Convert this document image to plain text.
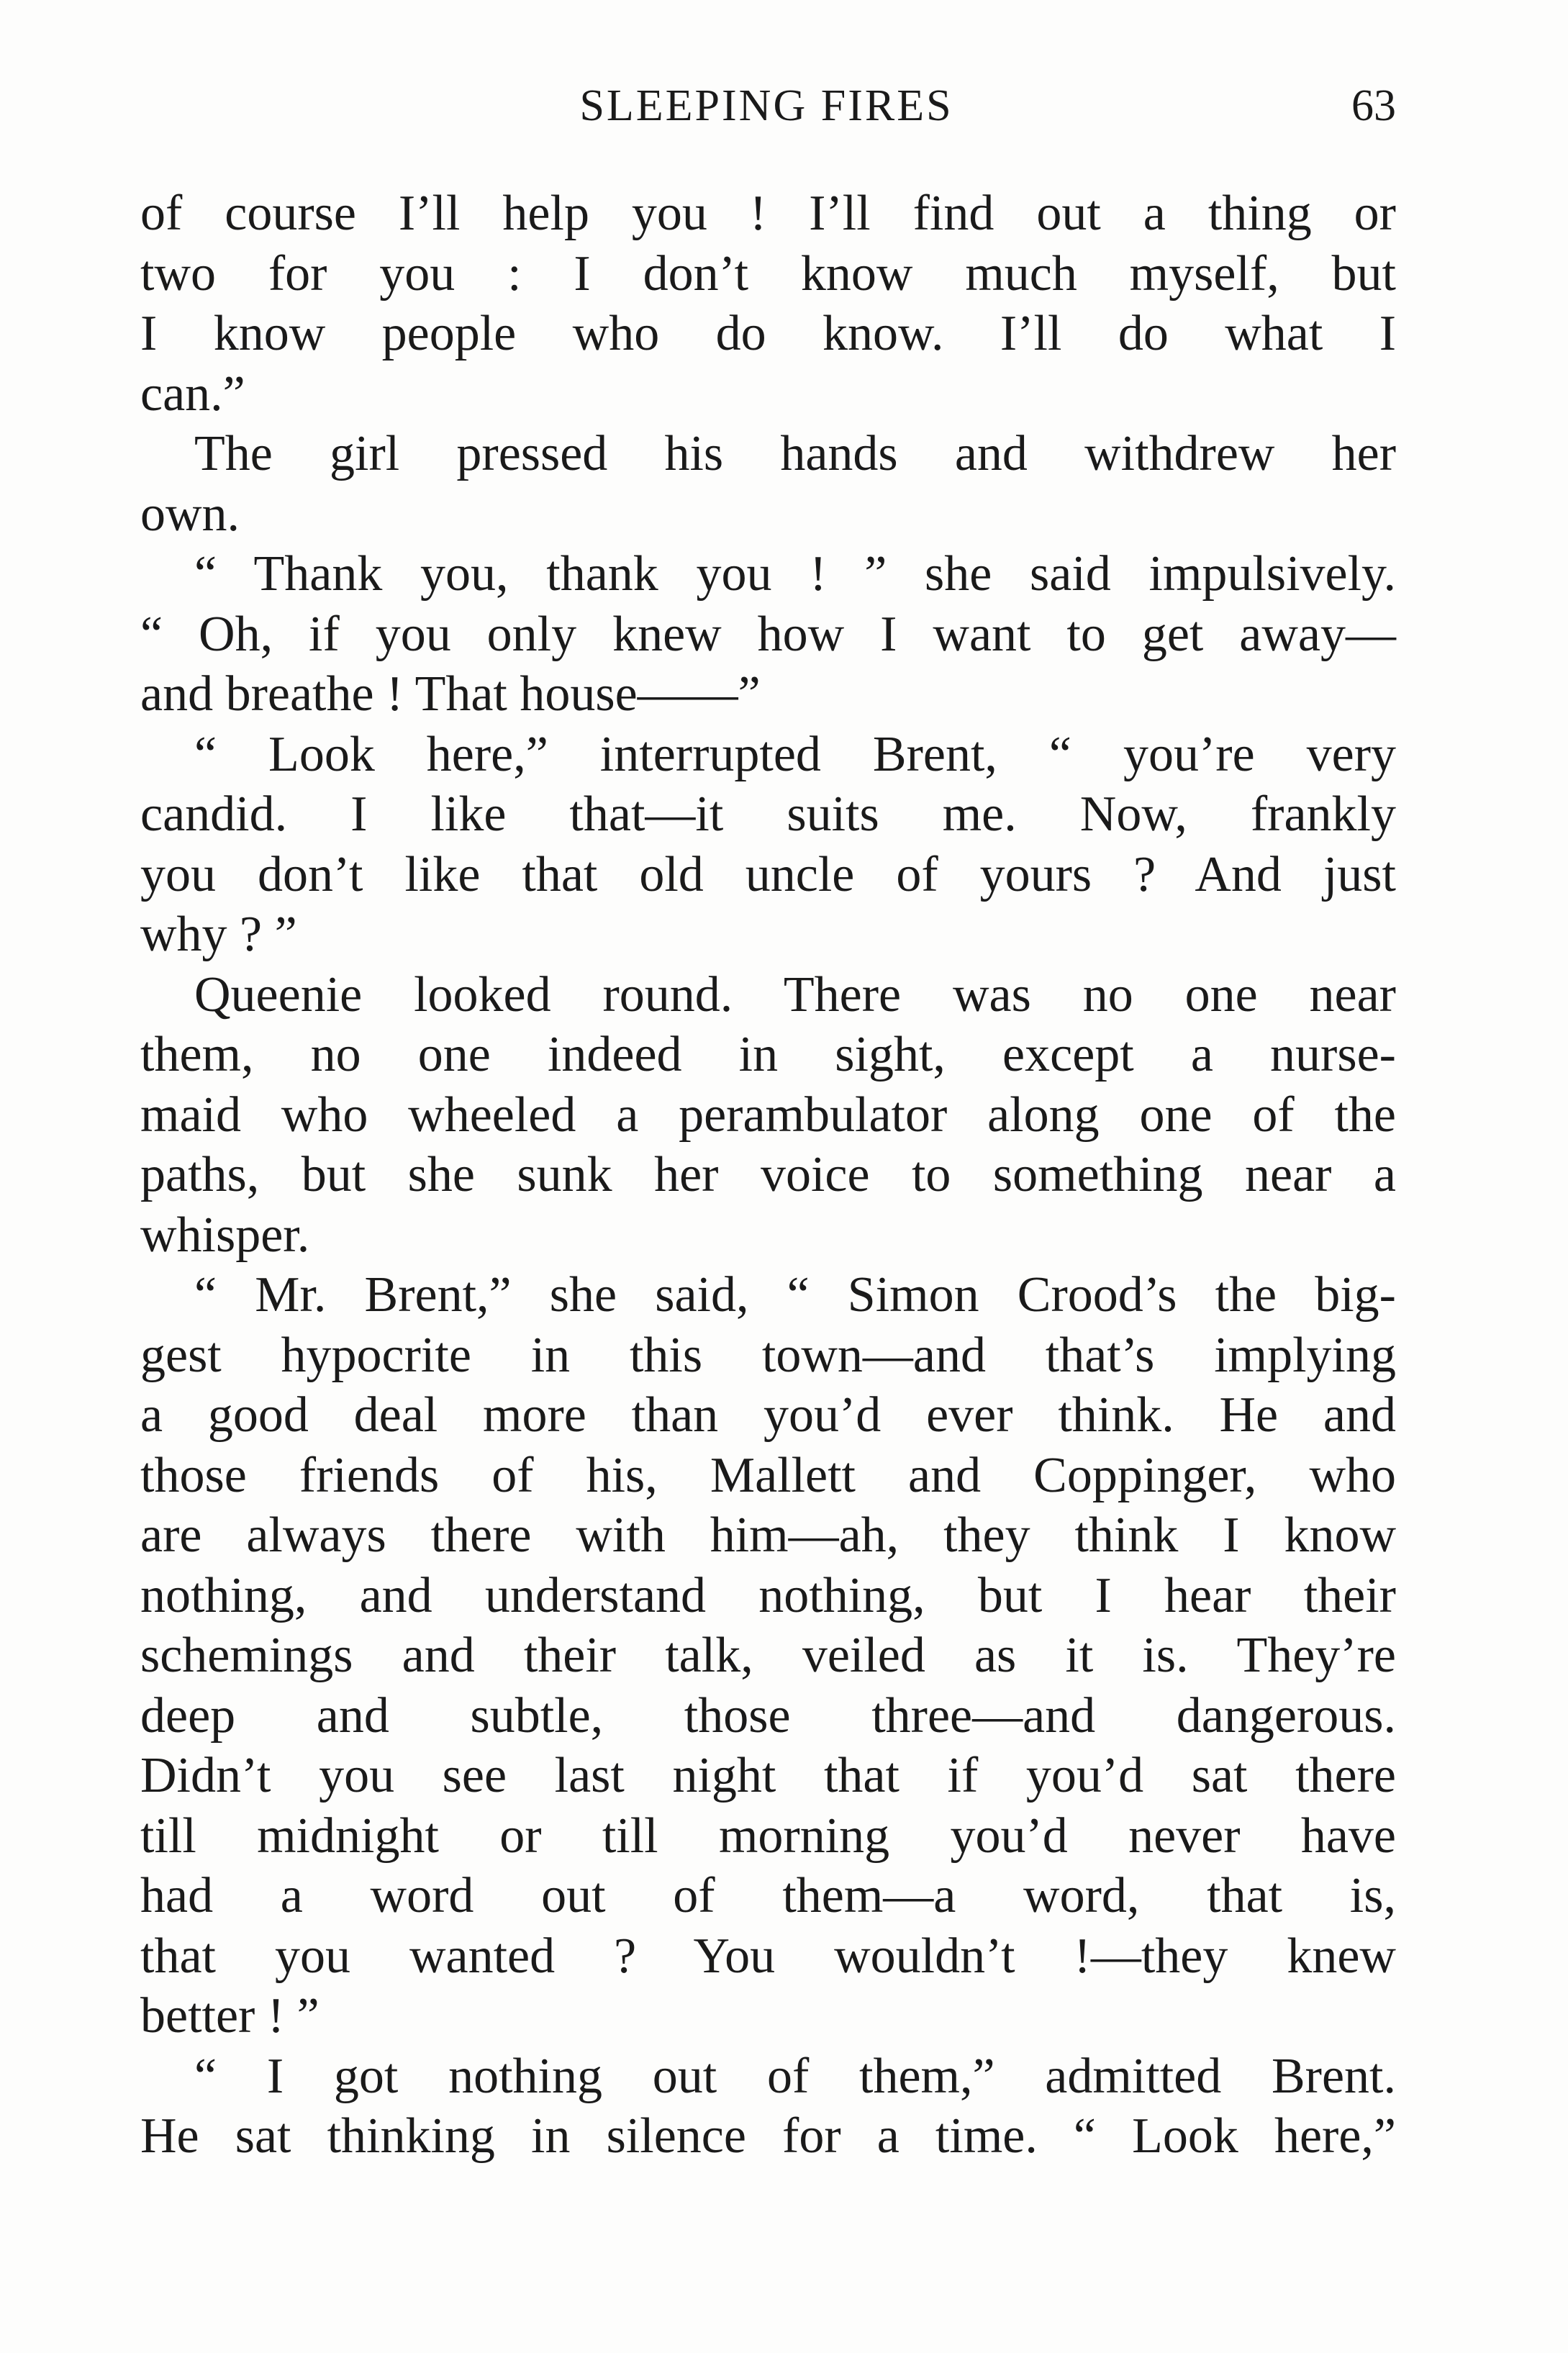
SLEEPING FIRES	63
of course I’ll help you ! I’ll find out a thing or
two for you : I don’t know much myself, but
I know people who do know. I’ll do what I
can.”
The girl pressed his hands and withdrew her
own.
“ Thank you, thank you ! ” she said impulsively.
“ Oh, if you only knew how I want to get away—
and breathe ! That house——”
“ Look here,” interrupted Brent, “ you’re very
candid. I like that—it suits me. Now, frankly
you don’t like that old uncle of yours ? And just
why ? ”
Queenie looked round. There was no one near
them, no one indeed in sight, except a nurse-
maid who wheeled a perambulator along one of the
paths, but she sunk her voice to something near a
whisper.
“ Mr. Brent,” she said, “ Simon Crood’s the big-
gest hypocrite in this town—and that’s implying
a good deal more than you’d ever think. He and
those friends of his, Mallett and Coppinger, who
are always there with him—ah, they think I know
nothing, and understand nothing, but I hear their
schemings and their talk, veiled as it is. They’re
deep and subtle, those three—and dangerous.
Didn’t you see last night that if you’d sat there
till midnight or till morning you’d never have
had a word out of them—a word, that is,
that you wanted ? You wouldn’t !—they knew
better ! ”
“ I got nothing out of them,” admitted Brent.
He sat thinking in silence for a time. “ Look here,”
